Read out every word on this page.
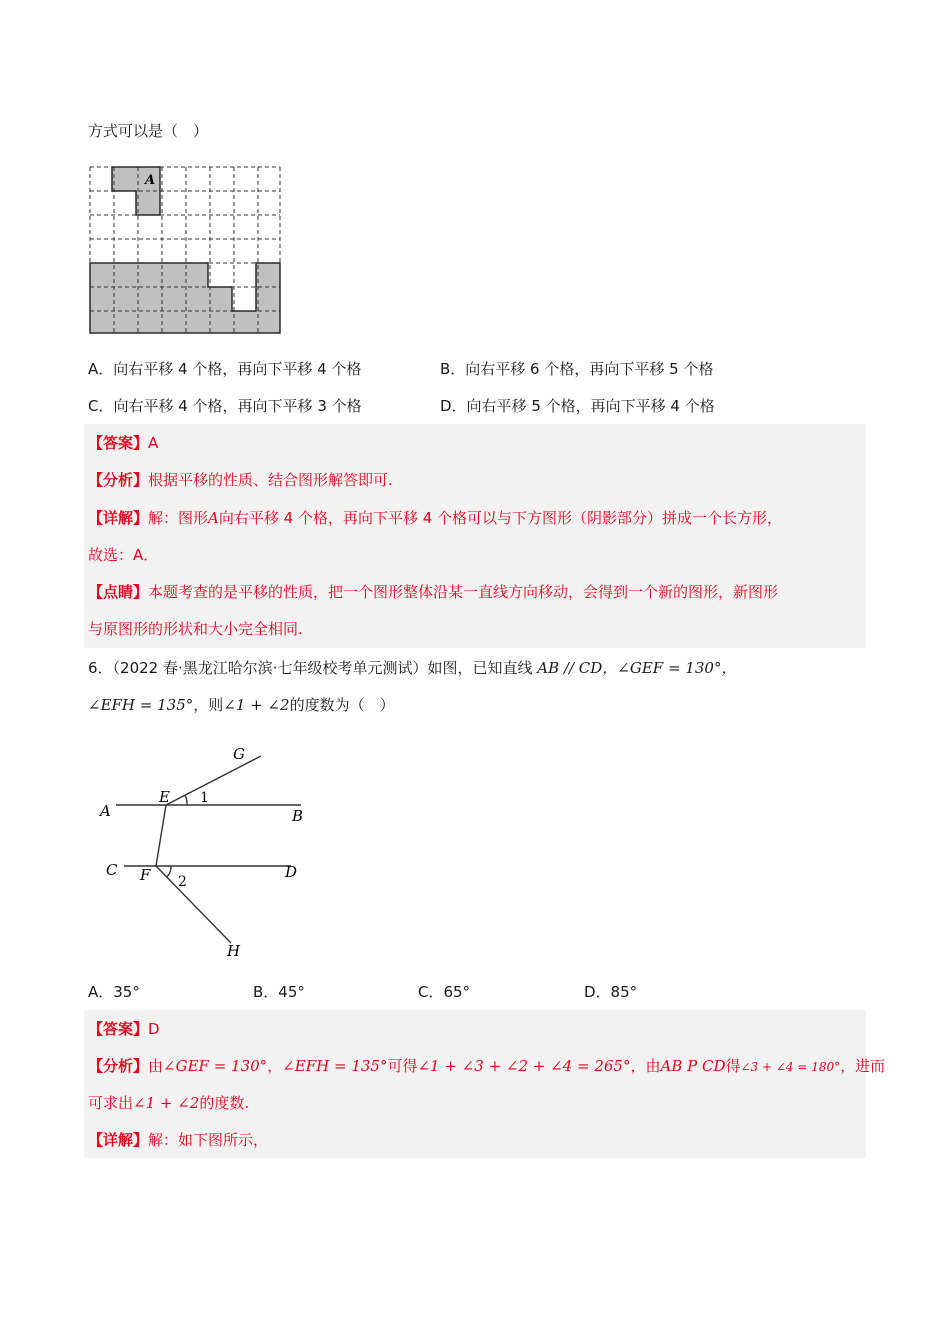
方式可以是（　）
A
A．向右平移 4 个格，再向下平移 4 个格	B．向右平移 6 个格，再向下平移 5 个格
C．向右平移 4 个格，再向下平移 3 个格	D．向右平移 5 个格，再向下平移 4 个格
【答案】A
【分析】根据平移的性质、结合图形解答即可.
【详解】解：图形A向右平移 4 个格，再向下平移 4 个格可以与下方图形（阴影部分）拼成一个长方形，
故选：A．
【点睛】本题考查的是平移的性质，把一个图形整体沿某一直线方向移动，会得到一个新的图形，新图形
与原图形的形状和大小完全相同.
6．（2022 春·黑龙江哈尔滨·七年级校考单元测试）如图，已知直线 AB // CD，∠GEF = 130°，
∠EFH = 135°，则∠1 + ∠2的度数为（　）
G
E 1
A	B
C F 2
D
H
A．35°	B．45°	C．65°	D．85°
【答案】D
【分析】由∠GEF = 130°，∠EFH = 135°可得∠1 + ∠3 + ∠2 + ∠4 = 265°，由AB P CD得∠3 + ∠4 = 180°，进而
可求出∠1 + ∠2的度数.
【详解】解：如下图所示，
